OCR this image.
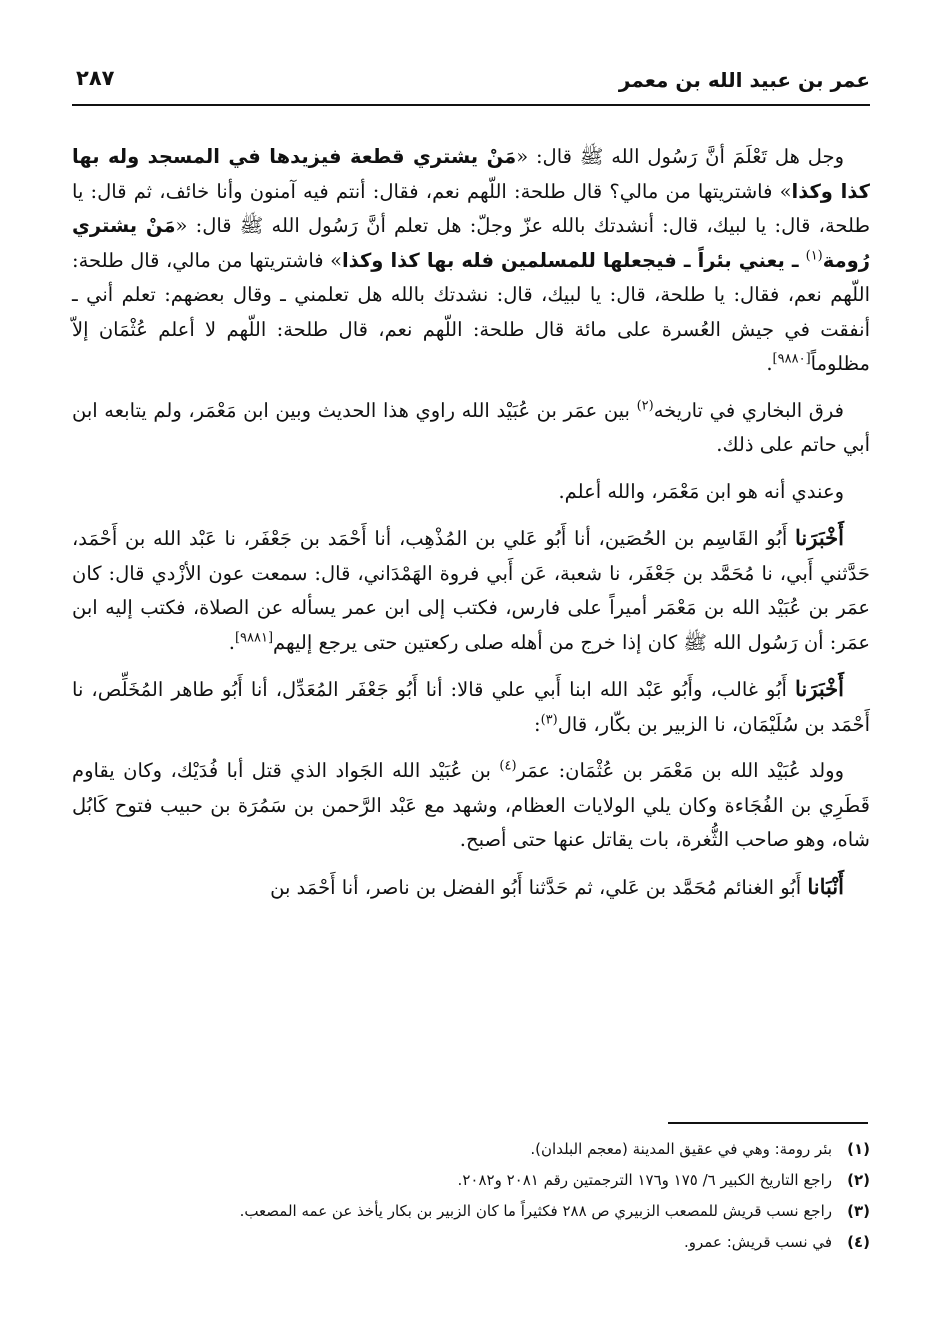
عمر بن عبيد الله بن معمر
٢٨٧

وجل هل تَعْلَمَ أنَّ رَسُول الله ﷺ قال: «مَنْ يشتري قطعة فيزيدها في المسجد وله بها كذا وكذا» فاشتريتها من مالي؟ قال طلحة: اللّهم نعم، فقال: أنتم فيه آمنون وأنا خائف، ثم قال: يا طلحة، قال: يا لبيك، قال: أنشدتك بالله عزّ وجلّ: هل تعلم أنَّ رَسُول الله ﷺ قال: «مَنْ يشتري رُومة$^{(١)}$ ـ يعني بئراً ـ فيجعلها للمسلمين فله بها كذا وكذا» فاشتريتها من مالي، قال طلحة: اللّهم نعم، فقال: يا طلحة، قال: يا لبيك، قال: نشدتك بالله هل تعلمني ـ وقال بعضهم: تعلم أني ـ أنفقت في جيش العُسرة على مائة قال طلحة: اللّهم نعم، قال طلحة: اللّهم لا أعلم عُثْمَان إلاّ مظلوماً[٩٨٨٠].

فرق البخاري في تاريخه$^{(٢)}$ بين عمَر بن عُبَيْد الله راوي هذا الحديث وبين ابن مَعْمَر، ولم يتابعه ابن أبي حاتم على ذلك.

وعندي أنه هو ابن مَعْمَر، والله أعلم.

أَخْبَرَنا أَبُو القَاسِم بن الحُصَين، أنا أَبُو عَلي بن المُذْهِب، أنا أَحْمَد بن جَعْفَر، نا عَبْد الله بن أَحْمَد، حَدَّثني أَبي، نا مُحَمَّد بن جَعْفَر، نا شعبة، عَن أَبي فروة الهَمْدَاني، قال: سمعت عون الأزْدي قال: كان عمَر بن عُبَيْد الله بن مَعْمَر أميراً على فارس، فكتب إلى ابن عمر يسأله عن الصلاة، فكتب إليه ابن عمَر: أن رَسُول الله ﷺ كان إذا خرج من أهله صلى ركعتين حتى يرجع إليهم[٩٨٨١].

أَخْبَرَنا أَبُو غالب، وأَبُو عَبْد الله ابنا أَبي علي قالا: أنا أَبُو جَعْفَر المُعَدِّل، أنا أَبُو طاهر المُخَلِّص، نا أَحْمَد بن سُلَيْمَان، نا الزبير بن بكّار، قال$^{(٣)}$:

وولد عُبَيْد الله بن مَعْمَر بن عُثْمَان: عمَر$^{(٤)}$ بن عُبَيْد الله الجَواد الذي قتل أبا فُدَيْك، وكان يقاوم قَطَرِي بن الفُجَاءة وكان يلي الولايات العظام، وشهد مع عَبْد الرَّحمن بن سَمُرَة بن حبيب فتوح كَابُل شاه، وهو صاحب الثُّغرة، بات يقاتل عنها حتى أصبح.

أَنْبَانا أَبُو الغنائم مُحَمَّد بن عَلي، ثم حَدَّثنا أَبُو الفضل بن ناصر، أنا أَحْمَد بن

(١)بئر رومة: وهي في عقيق المدينة (معجم البلدان).
(٢)راجع التاريخ الكبير ٦/ ١٧٥ و١٧٦ الترجمتين رقم ٢٠٨١ و٢٠٨٢.
(٣)راجع نسب قريش للمصعب الزبيري ص ٢٨٨ فكثيراً ما كان الزبير بن بكار يأخذ عن عمه المصعب.
(٤)في نسب قريش: عمرو.
